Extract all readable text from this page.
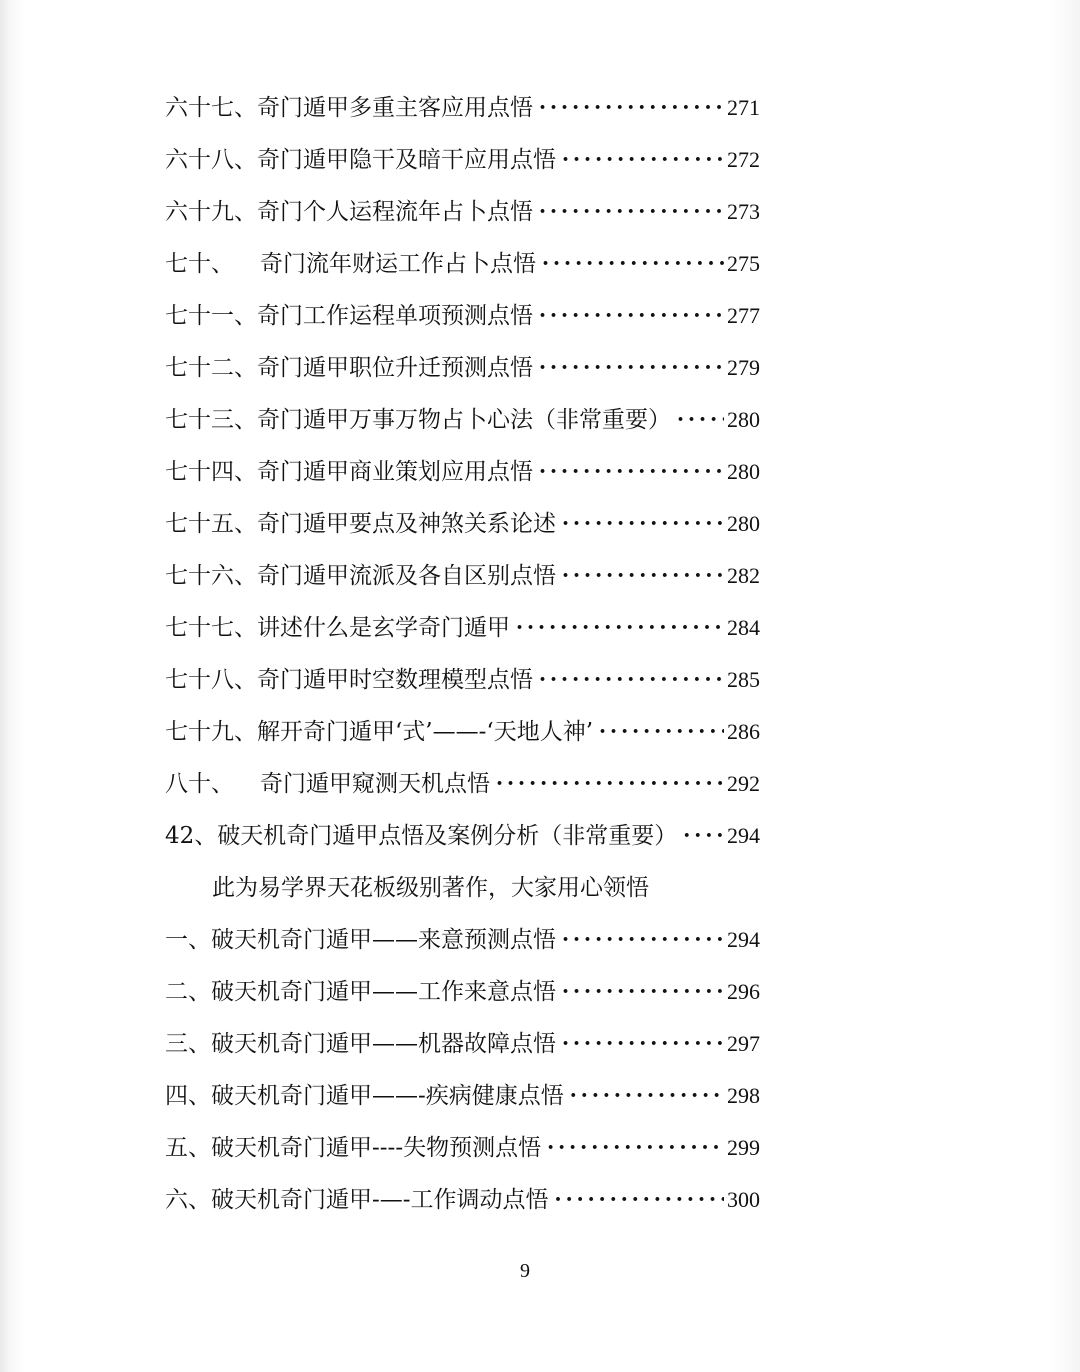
六十七、 奇门遁甲多重主客应用点悟 •••••	271
六十八、 奇门遁甲隐干及暗干应用点悟 •••••	272
六十九、 奇门个人运程流年占卜点悟 •••••	273
七十、	奇门流年财运工作占卜点悟 •••••	275
七十一、 奇门工作运程单项预测点悟 •••••	277
七十二、 奇门遁甲职位升迁预测点悟 •••••	279
七十三、 奇门遁甲万事万物占卜心法（非常重要） •••••	280
七十四、 奇门遁甲商业策划应用点悟 •••••	280
七十五、 奇门遁甲要点及神煞关系论述 •••••	280
七十六、 奇门遁甲流派及各自区别点悟 •••••	282
七十七、 讲述什么是玄学奇门遁甲 •••••	284
七十八、 奇门遁甲时空数理模型点悟 •••••	285
七十九、 解开奇门遁甲‘式’——-‘天地人神’ •••••	286
八十、	奇门遁甲窥测天机点悟 •••••	292
42、 破天机奇门遁甲点悟及案例分析（非常重要） ••••• 294
此为易学界天花板级别著作，大家用心领悟
一、 破天机奇门遁甲——来意预测点悟 •••••	294
二、 破天机奇门遁甲——工作来意点悟 •••••	296
三、 破天机奇门遁甲——机器故障点悟 •••••	297
四、 破天机奇门遁甲——-疾病健康点悟 •••••	298
五、 破天机奇门遁甲----失物预测点悟 •••••	299
六、 破天机奇门遁甲-—-工作调动点悟 •••••	300
9
